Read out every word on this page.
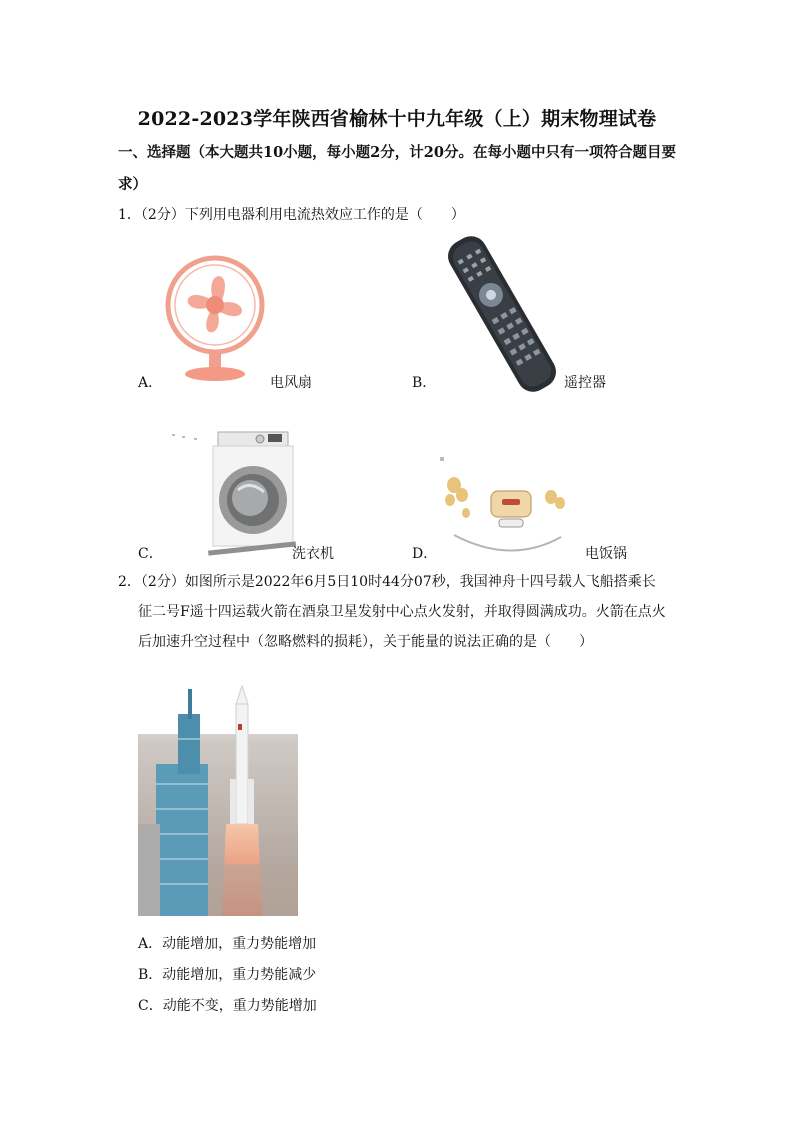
2022-2023学年陕西省榆林十中九年级（上）期末物理试卷
一、选择题（本大题共10小题，每小题2分，计20分。在每小题中只有一项符合题目要
求）
1．（2分）下列用电器利用电流热效应工作的是（　　）
A．	电风扇	B．	遥控器
C．	洗衣机	D．	电饭锅
2．（2分）如图所示是2022年6月5日10时44分07秒，我国神舟十四号载人飞船搭乘长
征二号F遥十四运载火箭在酒泉卫星发射中心点火发射，并取得圆满成功。火箭在点火
后加速升空过程中（忽略燃料的损耗），关于能量的说法正确的是（　　）
A．动能增加，重力势能增加
B．动能增加，重力势能减少
C．动能不变，重力势能增加
